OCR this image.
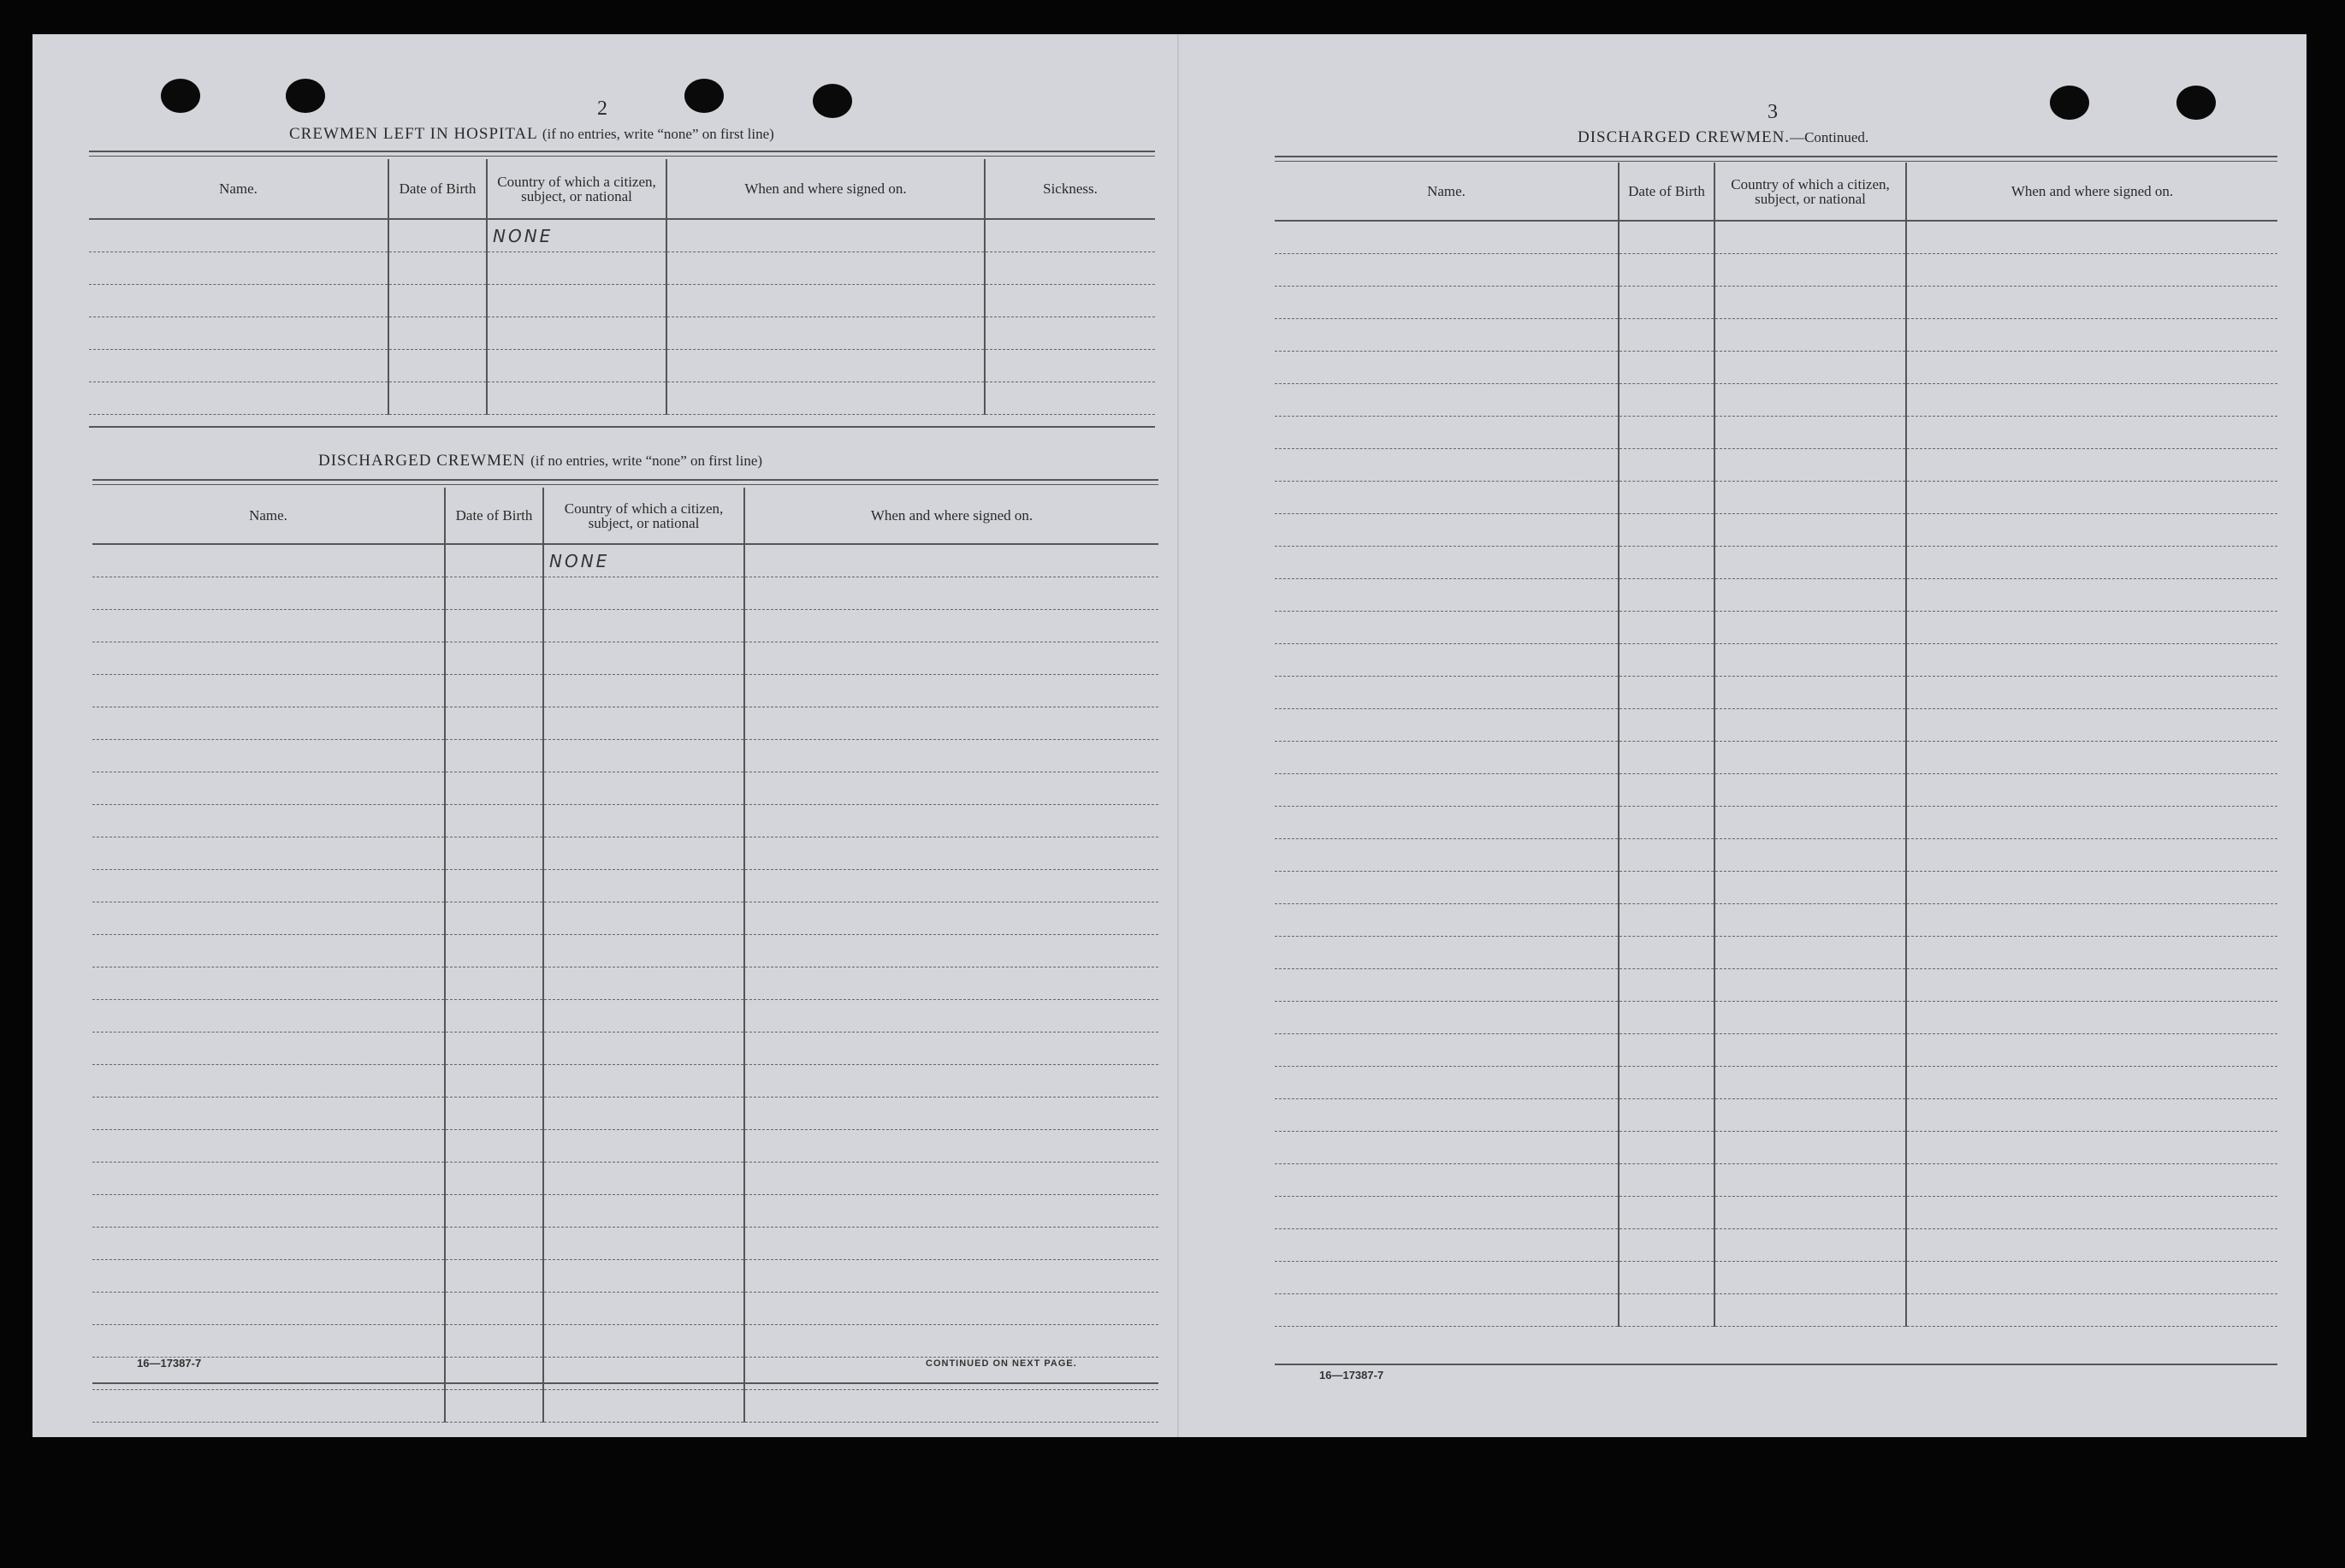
2
CREWMEN LEFT IN HOSPITAL (if no entries, write “none” on first line)
Name.	Date of Birth	Country of which a citizen, subject, or national	When and where signed on.	Sickness.
		NONE		

DISCHARGED CREWMEN (if no entries, write “none” on first line)
Name.	Date of Birth	Country of which a citizen, subject, or national	When and where signed on.
		NONE	

16—17387-7	CONTINUED ON NEXT PAGE.
3
DISCHARGED CREWMEN.—Continued.
Name.	Date of Birth	Country of which a citizen, subject, or national	When and where signed on.

16—17387-7
